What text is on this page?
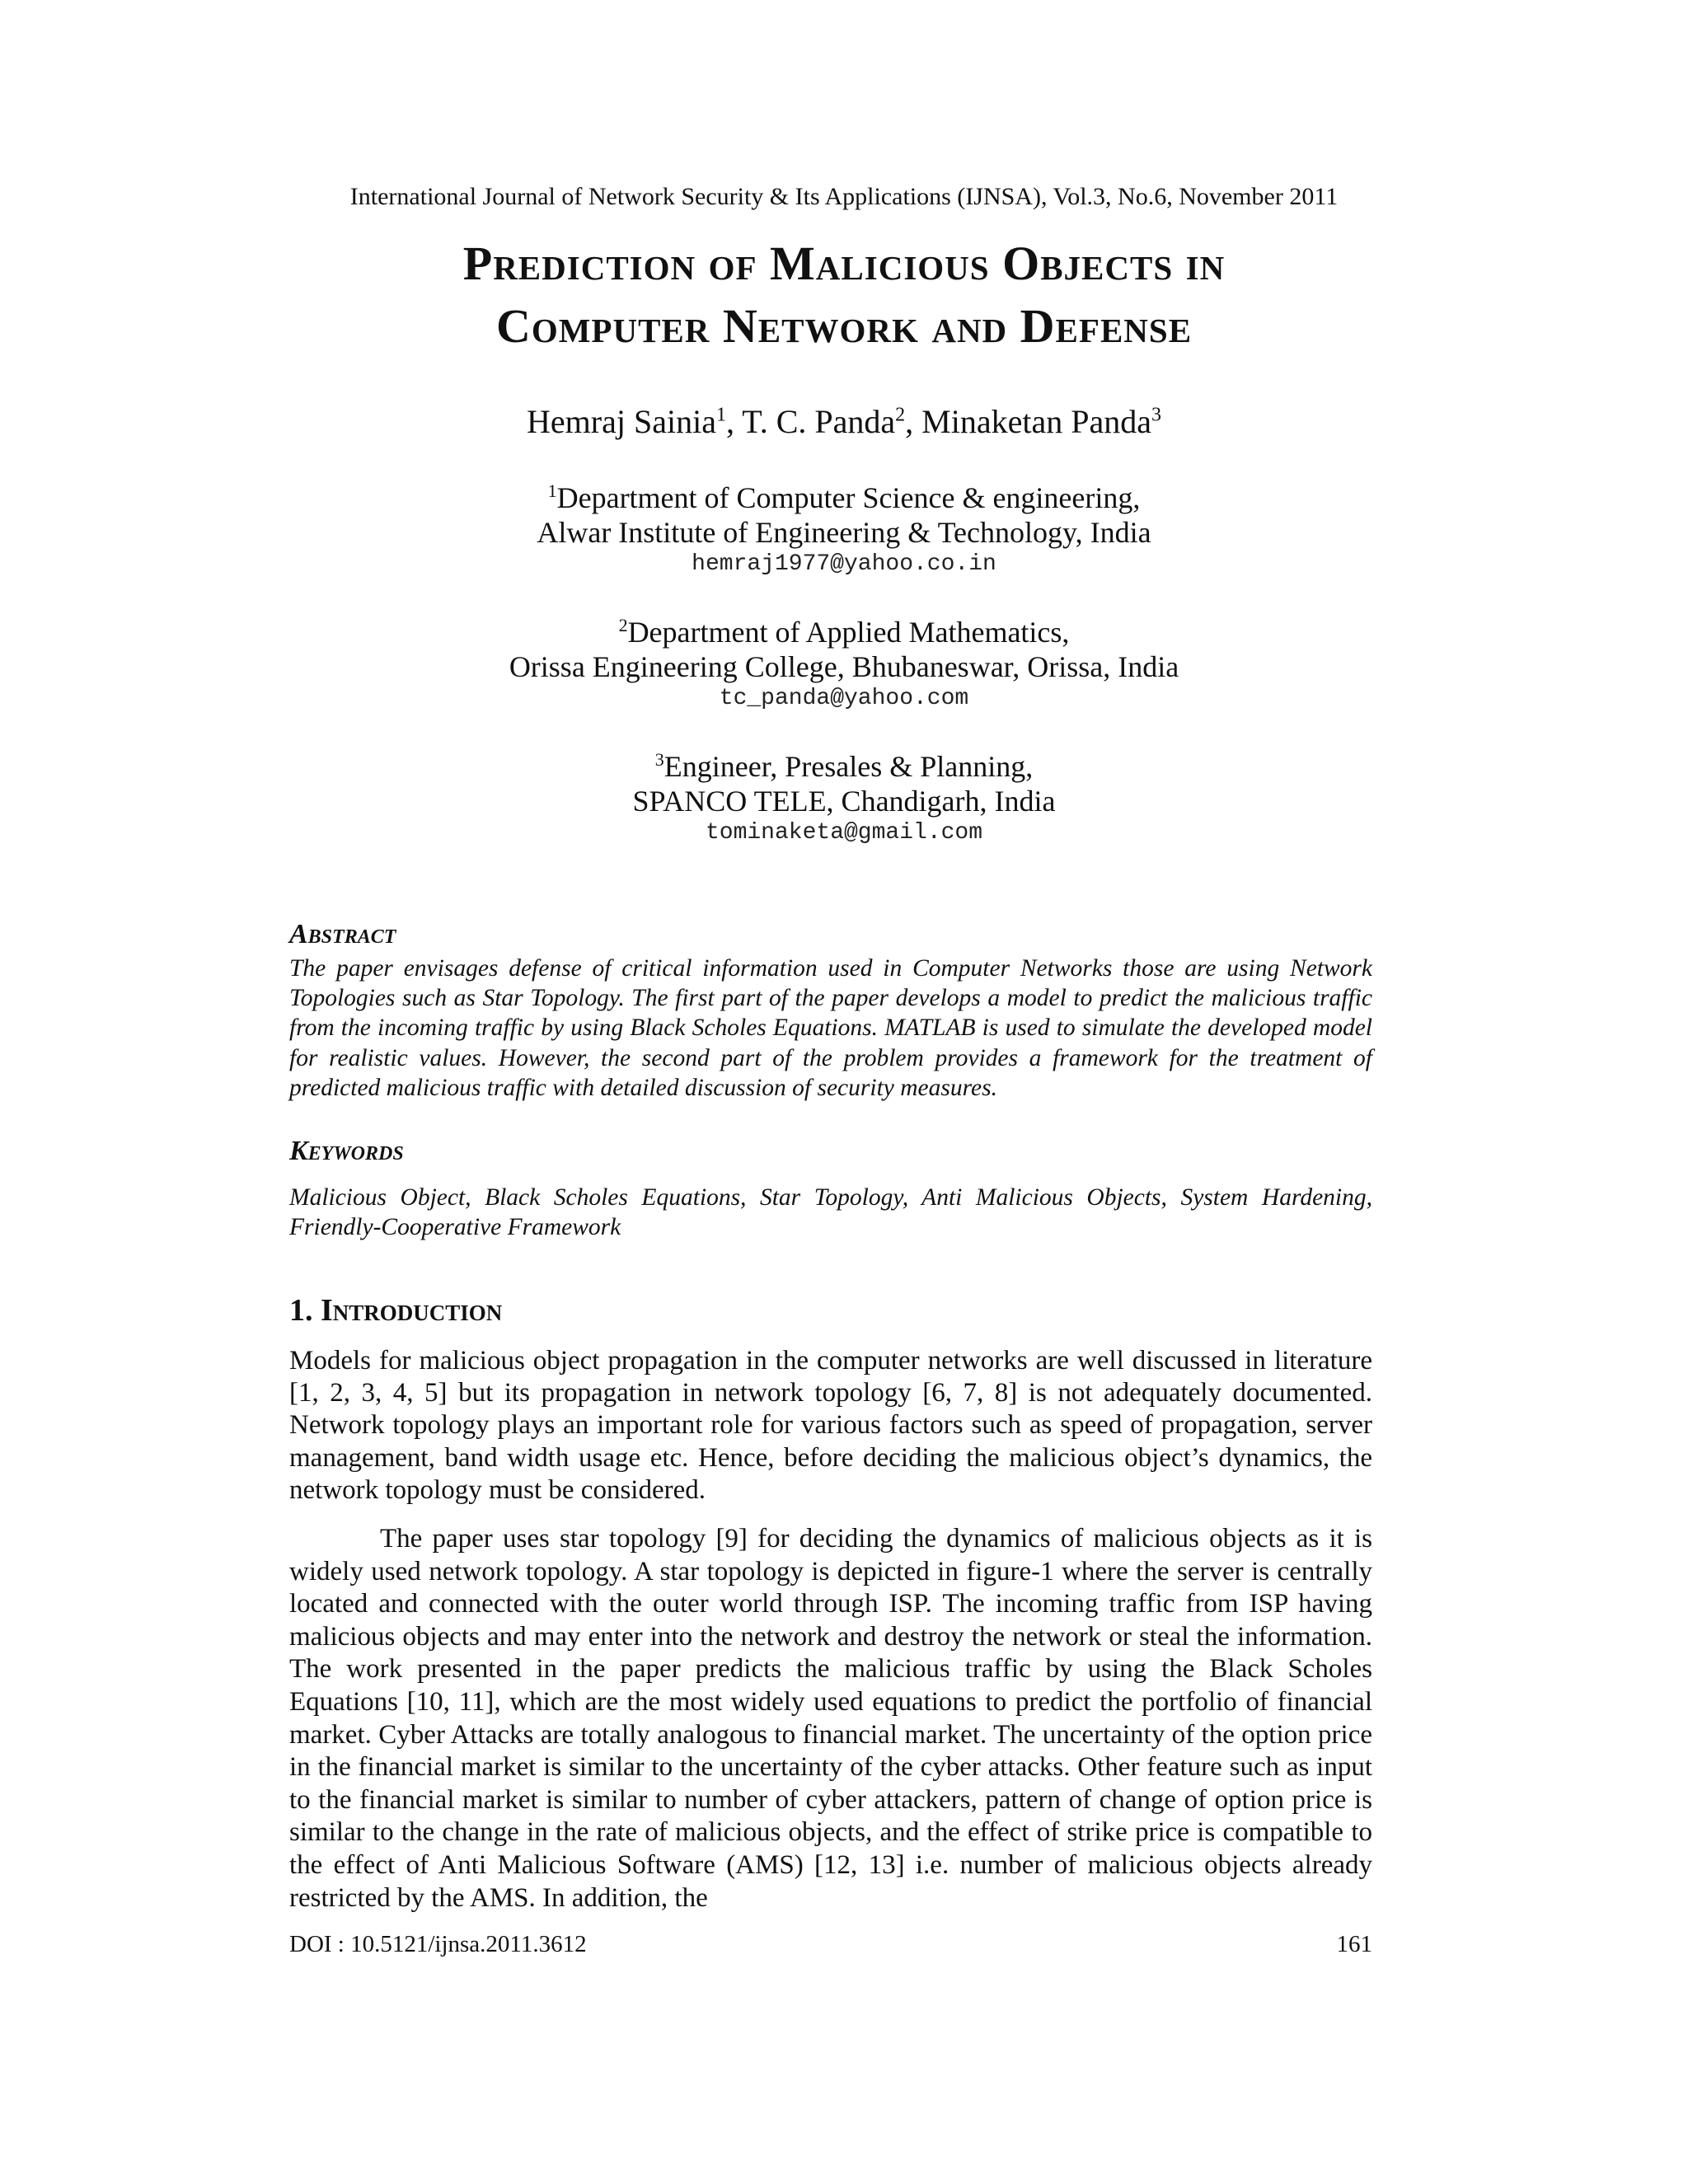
International Journal of Network Security & Its Applications (IJNSA), Vol.3, No.6, November 2011
Prediction of Malicious Objects in
Computer Network and Defense
Hemraj Sainia$^1$, T. C. Panda$^2$, Minaketan Panda$^3$
$^1$Department of Computer Science & engineering,
Alwar Institute of Engineering & Technology, India
hemraj1977@yahoo.co.in
$^2$Department of Applied Mathematics,
Orissa Engineering College, Bhubaneswar, Orissa, India
tc_panda@yahoo.com
$^3$Engineer, Presales & Planning,
SPANCO TELE, Chandigarh, India
tominaketa@gmail.com
Abstract
The paper envisages defense of critical information used in Computer Networks those are using Network Topologies such as Star Topology. The first part of the paper develops a model to predict the malicious traffic from the incoming traffic by using Black Scholes Equations. MATLAB is used to simulate the developed model for realistic values. However, the second part of the problem provides a framework for the treatment of predicted malicious traffic with detailed discussion of security measures.
Keywords
Malicious Object, Black Scholes Equations, Star Topology, Anti Malicious Objects, System Hardening, Friendly-Cooperative Framework
1. Introduction

Models for malicious object propagation in the computer networks are well discussed in literature [1, 2, 3, 4, 5] but its propagation in network topology [6, 7, 8] is not adequately documented. Network topology plays an important role for various factors such as speed of propagation, server management, band width usage etc. Hence, before deciding the malicious object’s dynamics, the network topology must be considered.

The paper uses star topology [9] for deciding the dynamics of malicious objects as it is widely used network topology. A star topology is depicted in figure-1 where the server is centrally located and connected with the outer world through ISP. The incoming traffic from ISP having malicious objects and may enter into the network and destroy the network or steal the information. The work presented in the paper predicts the malicious traffic by using the Black Scholes Equations [10, 11], which are the most widely used equations to predict the portfolio of financial market. Cyber Attacks are totally analogous to financial market. The uncertainty of the option price in the financial market is similar to the uncertainty of the cyber attacks. Other feature such as input to the financial market is similar to number of cyber attackers, pattern of change of option price is similar to the change in the rate of malicious objects, and the effect of strike price is compatible to the effect of Anti Malicious Software (AMS) [12, 13] i.e. number of malicious objects already restricted by the AMS. In addition, the

DOI : 10.5121/ijnsa.2011.3612	161
